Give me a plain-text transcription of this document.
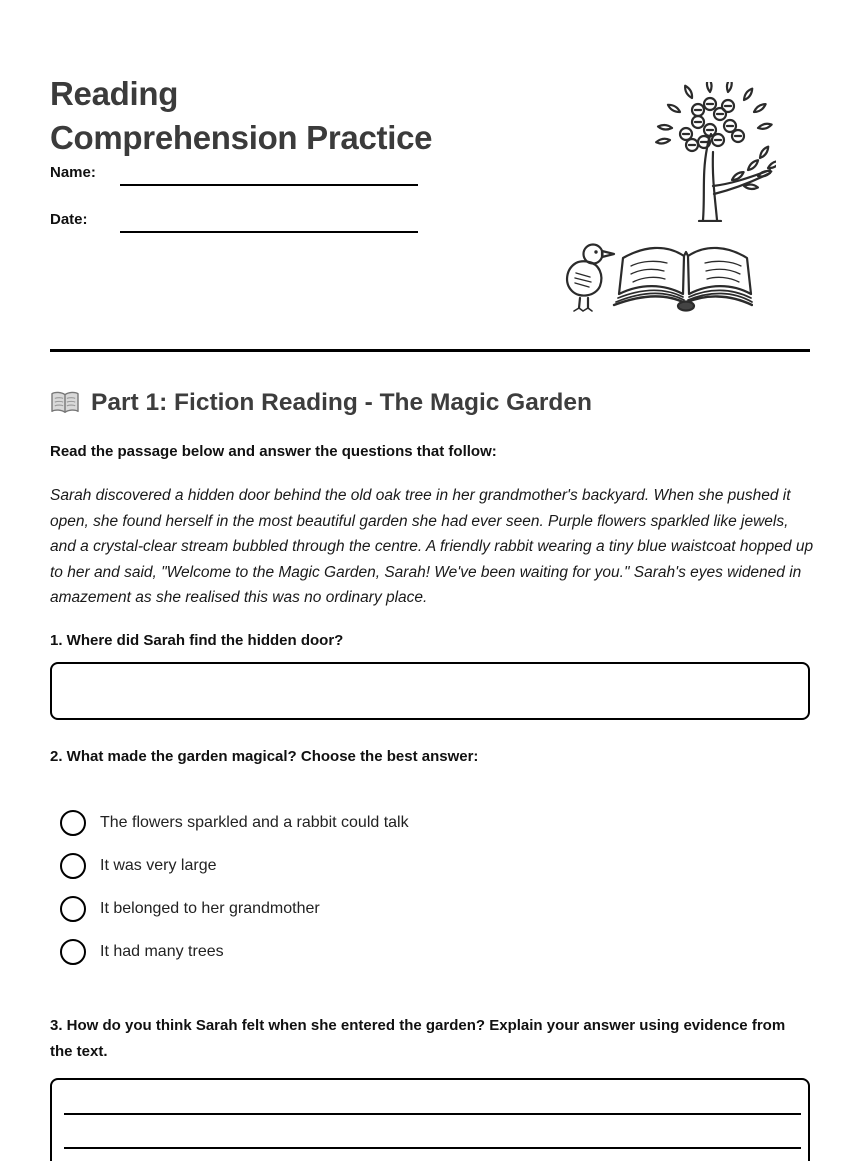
Reading
Comprehension Practice
Name:
Date:
Part 1: Fiction Reading - The Magic Garden
Read the passage below and answer the questions that follow:
Sarah discovered a hidden door behind the old oak tree in her grandmother's backyard. When she pushed it open, she found herself in the most beautiful garden she had ever seen. Purple flowers sparkled like jewels, and a crystal-clear stream bubbled through the centre. A friendly rabbit wearing a tiny blue waistcoat hopped up to her and said, "Welcome to the Magic Garden, Sarah! We've been waiting for you." Sarah's eyes widened in amazement as she realised this was no ordinary place.
1. Where did Sarah find the hidden door?
2. What made the garden magical? Choose the best answer:
The flowers sparkled and a rabbit could talk
It was very large
It belonged to her grandmother
It had many trees
3. How do you think Sarah felt when she entered the garden? Explain your answer using evidence from the text.
